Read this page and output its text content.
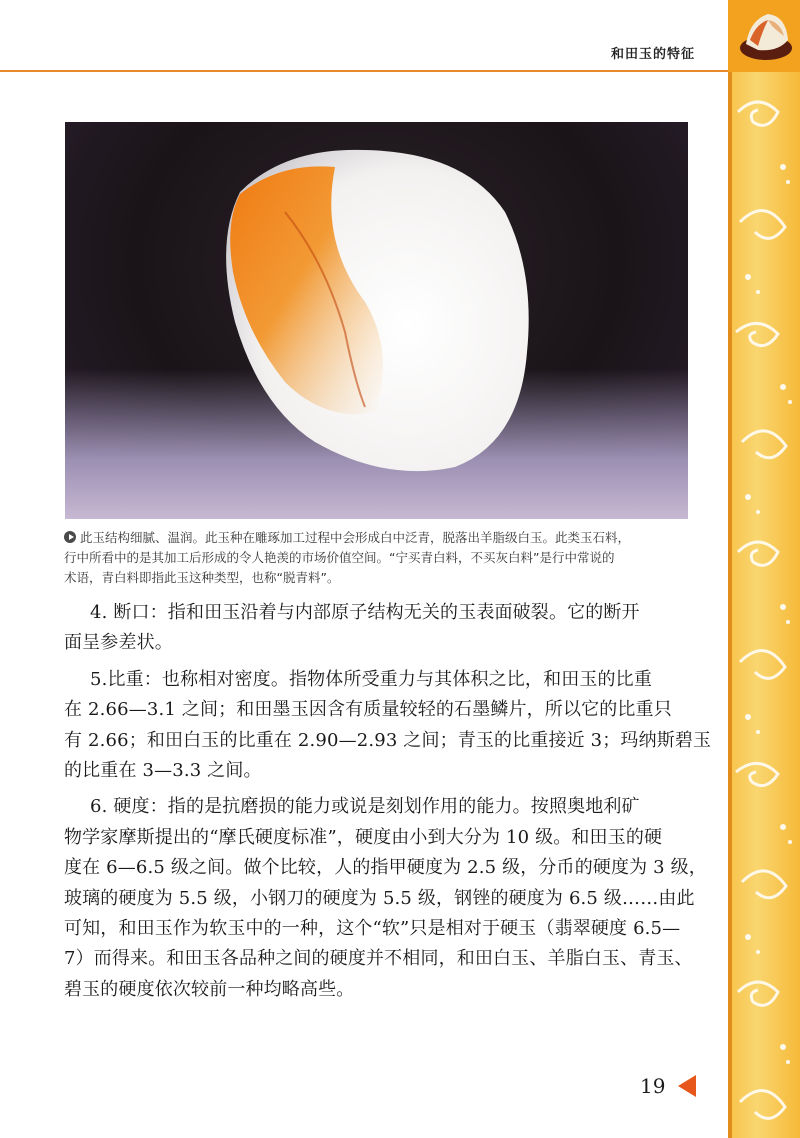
和田玉的特征
此玉结构细腻、温润。此玉种在雕琢加工过程中会形成白中泛青，脱落出羊脂级白玉。此类玉石料，
行中所看中的是其加工后形成的令人艳羡的市场价值空间。“宁买青白料，不买灰白料”是行中常说的
术语，青白料即指此玉这种类型，也称“脱青料”。
4. 断口：指和田玉沿着与内部原子结构无关的玉表面破裂。它的断开
面呈参差状。
5.比重：也称相对密度。指物体所受重力与其体积之比，和田玉的比重
在 2.66—3.1 之间；和田墨玉因含有质量较轻的石墨鳞片，所以它的比重只
有 2.66；和田白玉的比重在 2.90—2.93 之间；青玉的比重接近 3；玛纳斯碧玉
的比重在 3—3.3 之间。
6. 硬度：指的是抗磨损的能力或说是刻划作用的能力。按照奥地利矿
物学家摩斯提出的“摩氏硬度标准”，硬度由小到大分为 10 级。和田玉的硬
度在 6—6.5 级之间。做个比较，人的指甲硬度为 2.5 级，分币的硬度为 3 级，
玻璃的硬度为 5.5 级，小钢刀的硬度为 5.5 级，钢锉的硬度为 6.5 级……由此
可知，和田玉作为软玉中的一种，这个“软”只是相对于硬玉（翡翠硬度 6.5—
7）而得来。和田玉各品种之间的硬度并不相同，和田白玉、羊脂白玉、青玉、
碧玉的硬度依次较前一种均略高些。
19
